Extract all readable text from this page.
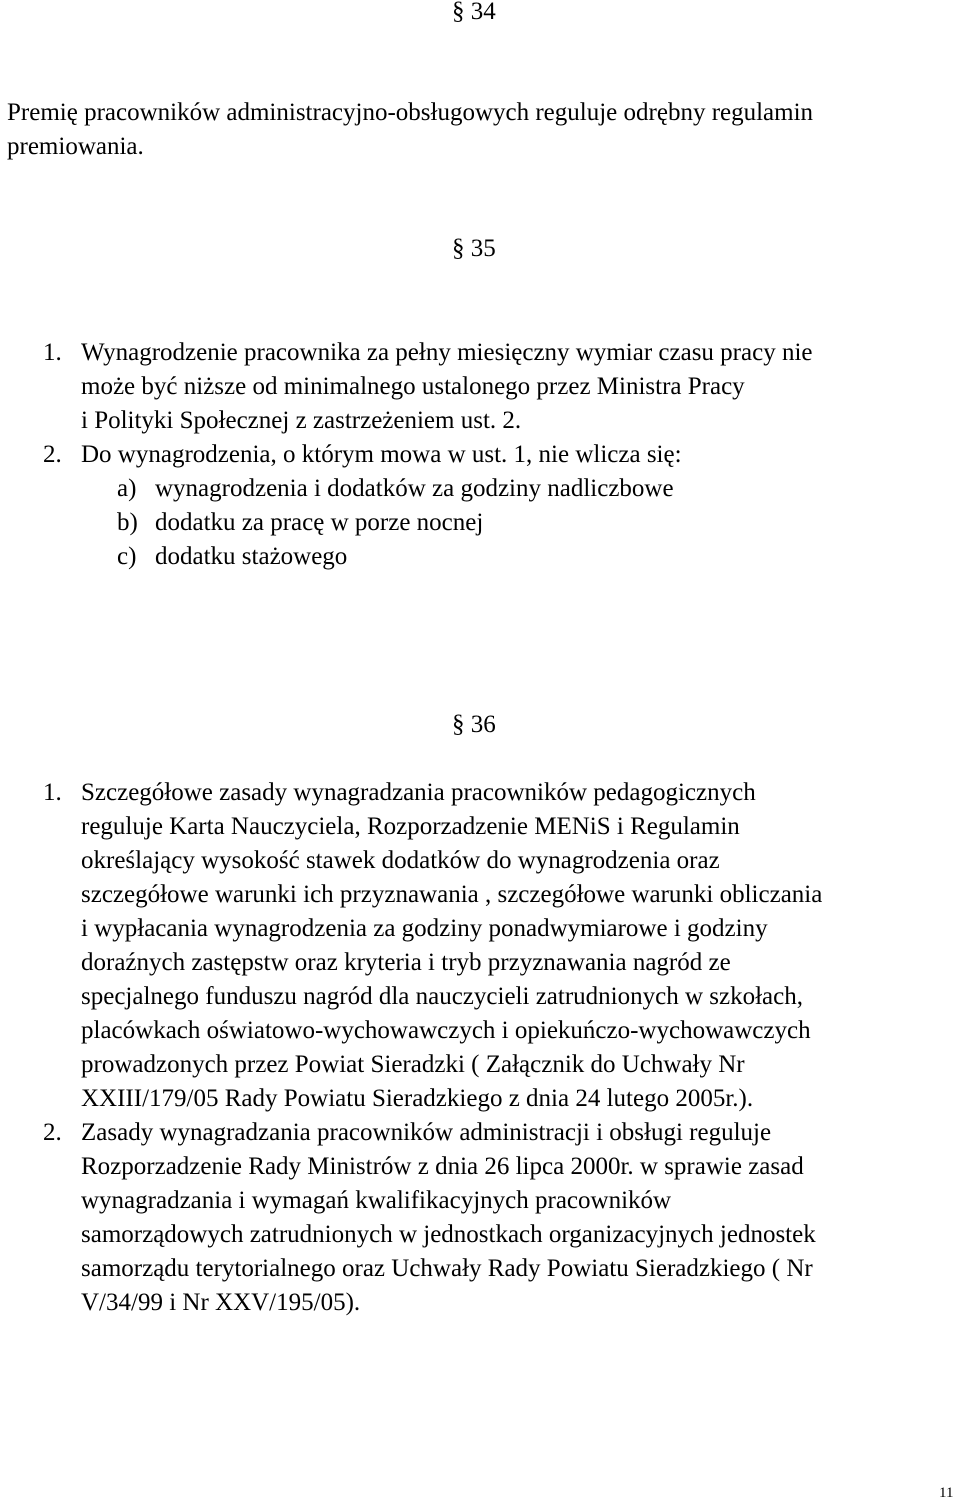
§ 34
Premię pracowników administracyjno-obsługowych reguluje odrębny regulamin
premiowania.
§ 35
1. Wynagrodzenie pracownika za pełny miesięczny wymiar czasu pracy nie
może być niższe od minimalnego ustalonego przez Ministra Pracy
i Polityki Społecznej z zastrzeżeniem ust. 2.
2. Do wynagrodzenia, o którym mowa w ust. 1, nie wlicza się:
a) wynagrodzenia i dodatków za godziny nadliczbowe
b) dodatku za pracę w porze nocnej
c) dodatku stażowego
§ 36
1. Szczegółowe zasady wynagradzania pracowników pedagogicznych
reguluje Karta Nauczyciela, Rozporzadzenie MENiS i Regulamin
określający wysokość stawek dodatków do wynagrodzenia oraz
szczegółowe warunki ich przyznawania , szczegółowe warunki obliczania
i wypłacania wynagrodzenia za godziny ponadwymiarowe i godziny
doraźnych zastępstw oraz kryteria i tryb przyznawania nagród ze
specjalnego funduszu nagród dla nauczycieli zatrudnionych w szkołach,
placówkach oświatowo-wychowawczych i opiekuńczo-wychowawczych
prowadzonych przez Powiat Sieradzki ( Załącznik do Uchwały Nr
XXIII/179/05 Rady Powiatu Sieradzkiego z dnia 24 lutego 2005r.).
2. Zasady wynagradzania pracowników administracji i obsługi reguluje
Rozporzadzenie Rady Ministrów z dnia 26 lipca 2000r. w sprawie zasad
wynagradzania i wymagań kwalifikacyjnych pracowników
samorządowych zatrudnionych w jednostkach organizacyjnych jednostek
samorządu terytorialnego oraz Uchwały Rady Powiatu Sieradzkiego ( Nr
V/34/99 i Nr XXV/195/05).
11
